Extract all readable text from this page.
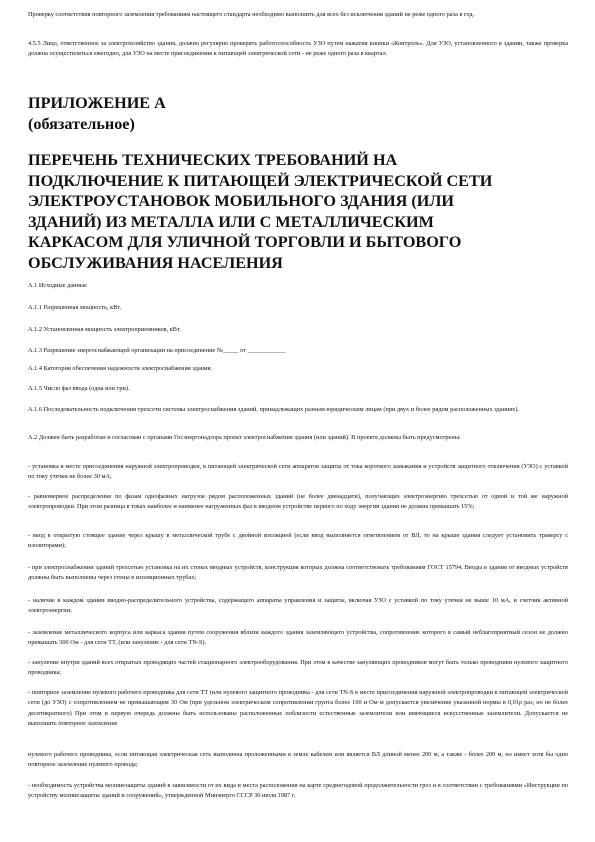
Проверку соответствия повторного заземления требованиям настоящего стандарта необходимо выполнить для всех без исключения зданий не реже одного раза в год.

4.5.5 Лицо, ответственное за электрохозяйство здания, должно регулярно проверять работоспособность УЗО путем нажатия кнопки «Контроль». Для УЗО, установленного в здании, также проверка должна осуществляться ежегодно, для УЗО на месте присоединения к питающей электрической сети - не реже одного раза в квартал.

ПРИЛОЖЕНИЕ А

(обязательное)

ПЕРЕЧЕНЬ ТЕХНИЧЕСКИХ ТРЕБОВАНИЙ НА

ПОДКЛЮЧЕНИЕ К ПИТАЮЩЕЙ ЭЛЕКТРИЧЕСКОЙ СЕТИ

ЭЛЕКТРОУСТАНОВОК МОБИЛЬНОГО ЗДАНИЯ (ИЛИ

ЗДАНИЙ) ИЗ МЕТАЛЛА ИЛИ С МЕТАЛЛИЧЕСКИМ

КАРКАСОМ ДЛЯ УЛИЧНОЙ ТОРГОВЛИ И БЫТОВОГО

ОБСЛУЖИВАНИЯ НАСЕЛЕНИЯ

А.1 Исходные данные

А.1.1 Разрешенная мощность, кВт.

А.1.2 Установленная мощность электроприемников, кВт.

А.1.3 Разрешение энергоснабжающей организации на присоединение №_____ от ____________

А.1.4 Категория обеспечения надежности электроснабжения здания.

А.1.5 Число фаз ввода (одна или три).

А.1.6 Последовательность подключения трехсети системы электроснабжения зданий, принадлежащих разным юридическим лицам (при двух и более рядом расположенных зданиях).

А.2 Должен быть разработан и согласован с органами Госэнергонадзора проект электроснабжения здания (или зданий). В проекте должны быть предусмотрены:

- установка в месте присоединения наружной электропроводки, к питающей электрической сети аппаратов защиты от тока короткого замыкания и устройств защитного отключения (УЗО) с уставкой по току утечки не более 30 мА;

- равномерное распределение по фазам однофазных нагрузок рядом расположенных зданий (не более двенадцати), получающих электроэнергию трехсетью от одной и той же наружной электропроводки. При этом разница в токах наиболее и наименее нагруженных фаз в вводном устройстве первого по ходу энергии здания не должна превышать 15%;

- ввод в открытую стоящее здание через крышу в металлической трубе с двойной изоляцией (если ввод выполняется ответвлением от ВЛ, то на крыше здания следует установить траверсу с изоляторами);

- при электроснабжении зданий трехсетью установка на их стенах вводных устройств, конструкция которых должна соответствовать требованиям ГОСТ 15794. Вводы в здания от вводных устройств должны быть выполнены через стены в изоляционных трубах;

- наличие в каждом здании вводно-распределительного устройства, содержащего аппараты управления и защиты, включая УЗО с уставкой по току утечки не выше 10 мА, и счетчик активной электроэнергии;

- заземление металлического корпуса или каркаса здания путем сооружения вблизи каждого здания заземляющего устройства, сопротивление которого в самый неблагоприятный сезон не должно превышать 300 Ом - для сети ТТ, (или зануление - для сети TN-S).

- зануление внутри зданий всех открытых проводящих частей стационарного электрооборудования. При этом в качестве зануляющих проводников могут быть только проводники нулевого защитного проводника;

- повторное заземление нулевого рабочего проводника для сети ТТ (или нулевого защитного проводника - для сети TN-S в месте присоединения наружной электропроводки к питающей электрической сети (до УЗО) с сопротивлением не превышающим 30 Ом (при удельном электрическом сопротивлении грунта более 100 и Ом·м допускается увеличение указанной нормы в 0,01ρ раз, но не более десятикратного) При этом в первую очередь должны быть использованы расположенные поблизости естественные заземлители или имеющиеся искусственные заземлители. Допускается не выполнять повторное заземление

нулевого рабочего проводника, если питающая электрическая сеть выполнена проложенными в земле кабелем или является ВЛ длиной менее 200 м, а также - более 200 м, но имеет хотя бы одно повторное заземление нулевого провода;

- необходимость устройства молниезащиты зданий в зависимости от их вида и места расположения на карте среднегодовой продолжительности гроз и в соответствии с требованиями «Инструкции по устройству молниезащиты зданий и сооружений», утвержденной Минэнерго СССР 30 июля 1987 г.
